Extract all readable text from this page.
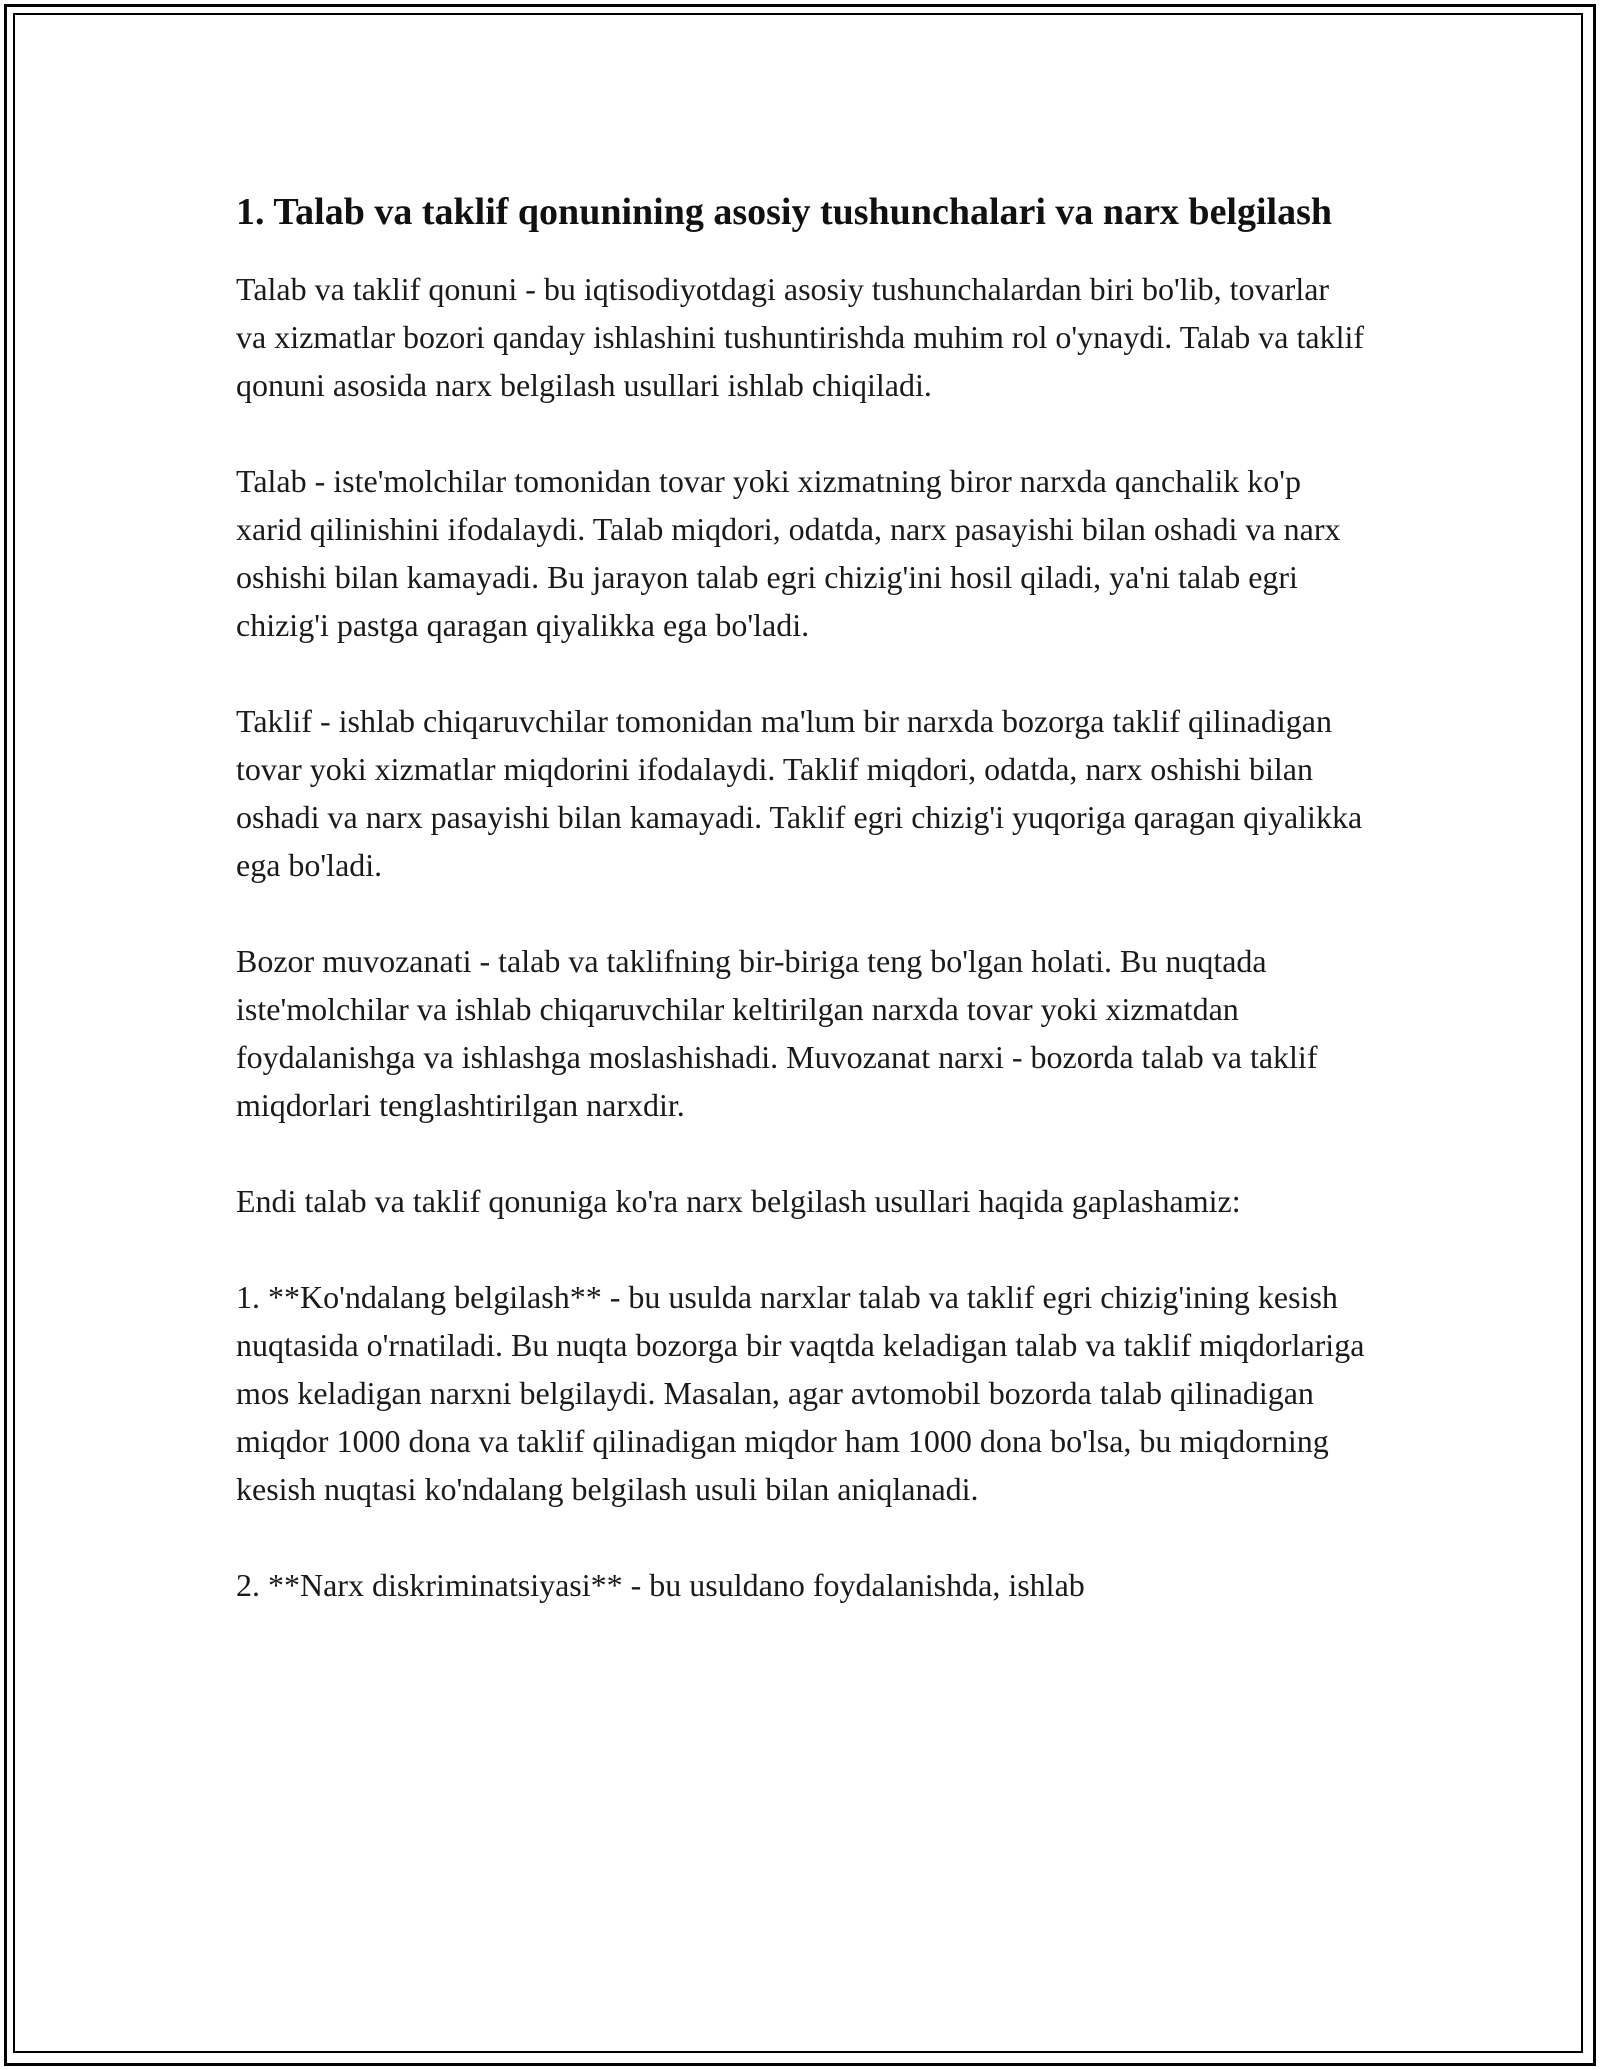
1. Talab va taklif qonunining asosiy tushunchalari va narx belgilash

Talab va taklif qonuni - bu iqtisodiyotdagi asosiy tushunchalardan biri bo'lib, tovarlar va xizmatlar bozori qanday ishlashini tushuntirishda muhim rol o'ynaydi. Talab va taklif qonuni asosida narx belgilash usullari ishlab chiqiladi.

Talab - iste'molchilar tomonidan tovar yoki xizmatning biror narxda qanchalik ko'p xarid qilinishini ifodalaydi. Talab miqdori, odatda, narx pasayishi bilan oshadi va narx oshishi bilan kamayadi. Bu jarayon talab egri chizig'ini hosil qiladi, ya'ni talab egri chizig'i pastga qaragan qiyalikka ega bo'ladi.

Taklif - ishlab chiqaruvchilar tomonidan ma'lum bir narxda bozorga taklif qilinadigan tovar yoki xizmatlar miqdorini ifodalaydi. Taklif miqdori, odatda, narx oshishi bilan oshadi va narx pasayishi bilan kamayadi. Taklif egri chizig'i yuqoriga qaragan qiyalikka ega bo'ladi.

Bozor muvozanati - talab va taklifning bir-biriga teng bo'lgan holati. Bu nuqtada iste'molchilar va ishlab chiqaruvchilar keltirilgan narxda tovar yoki xizmatdan foydalanishga va ishlashga moslashishadi. Muvozanat narxi - bozorda talab va taklif miqdorlari tenglashtirilgan narxdir.

Endi talab va taklif qonuniga ko'ra narx belgilash usullari haqida gaplashamiz:

1. **Ko'ndalang belgilash** - bu usulda narxlar talab va taklif egri chizig'ining kesish nuqtasida o'rnatiladi. Bu nuqta bozorga bir vaqtda keladigan talab va taklif miqdorlariga mos keladigan narxni belgilaydi. Masalan, agar avtomobil bozorda talab qilinadigan miqdor 1000 dona va taklif qilinadigan miqdor ham 1000 dona bo'lsa, bu miqdorning kesish nuqtasi ko'ndalang belgilash usuli bilan aniqlanadi.

2. **Narx diskriminatsiyasi** - bu usuldano foydalanishda, ishlab
